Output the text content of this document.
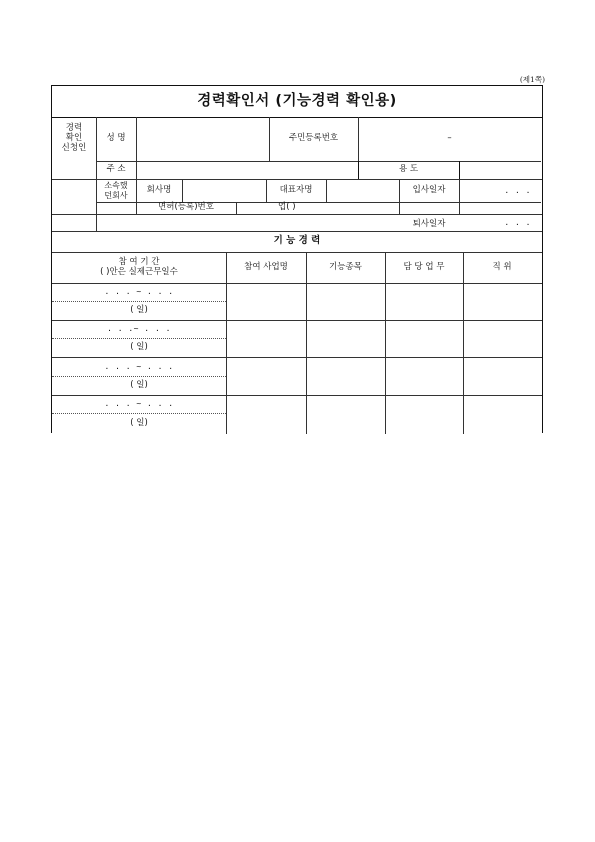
(제1쪽)
경력확인서 (기능경력 확인용)
경력
확인
신청인
성 명	주민등록번호	–
주 소	용 도
소속했
던회사
회사명	대표자명	입사일자	. . .
면허(등록)번호	업( )
퇴사일자	. . .
기 능 경 력
참 여 기 간
( )안은 실제근무일수	참여 사업명	기능종목	담 당 업 무	직 위
. . . ~ . . .
( 일)
. . .~ . . .
( 일)
. . . ~ . . .
( 일)
. . . ~ . . .
( 일)
